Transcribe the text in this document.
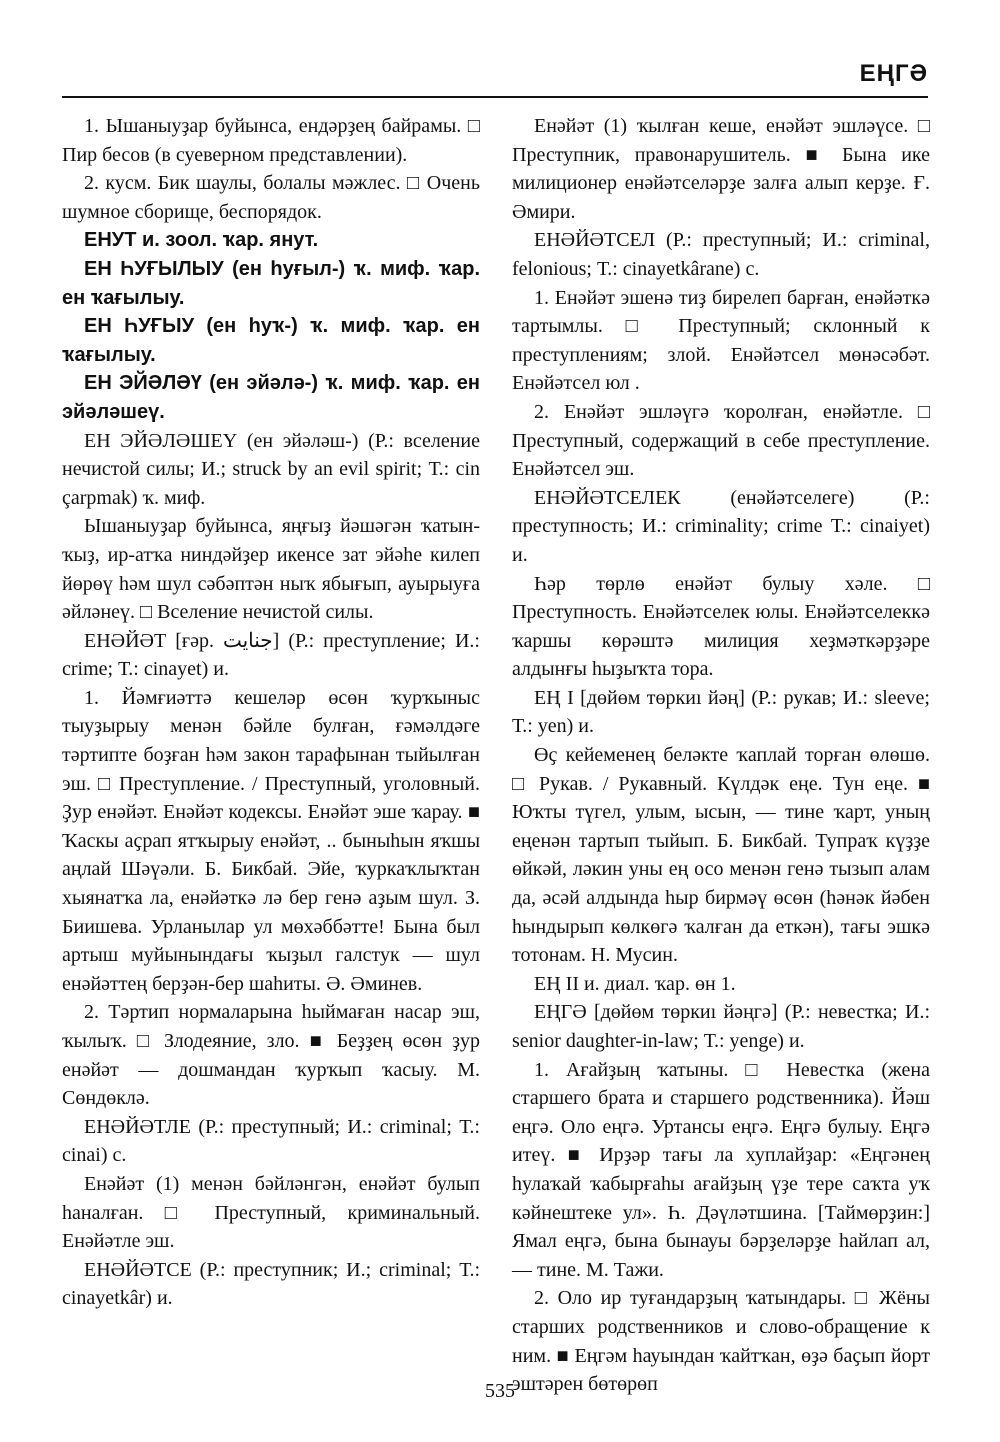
ЕҢГӘ

1. Ышаныуҙар буйынса, ендәрҙең байрамы. □ Пир бесов (в суеверном представлении).

2. кусм. Бик шаулы, болалы мәжлес. □ Очень шумное сборище, беспорядок.

ЕНУТ и. зоол. ҡар. янут.

ЕН ҺУҒЫЛЫУ (ен һуғыл-) ҡ. миф. ҡар. ен ҡағылыу.

ЕН ҺУҒЫУ (ен һуҡ-) ҡ. миф. ҡар. ен ҡағылыу.

ЕН ЭЙӘЛӘҮ (ен эйәлә-) ҡ. миф. ҡар. ен эйәләшеү.

ЕН ЭЙӘЛӘШЕҮ (ен эйәләш-) (Р.: вселение нечистой силы; И.; struck by an evil spirit; Т.: cin çarpmak) ҡ. миф.

Ышаныуҙар буйынса, яңғыҙ йәшәгән ҡатын-ҡыҙ, ир-атҡа ниндәйҙер икенсе зат эйәһе килеп йөрөү һәм шул сәбәптән ныҡ ябығып, ауырыуға әйләнеү. □ Вселение нечистой силы.

ЕНӘЙӘТ [ғәр. جنايت] (Р.: преступление; И.: crime; Т.: cinayet) и.

1. Йәмғиәттә кешеләр өсөн ҡурҡыныс тыуҙырыу менән бәйле булған, ғәмәлдәге тәртипте боҙған һәм закон тарафынан тыйылған эш. □ Преступление. / Преступный, уголовный. Ҙур енәйәт. Енәйәт кодексы. Енәйәт эше ҡарау. ■ Ҡаскы аҫрап ятҡырыу енәйәт, .. быныһын яҡшы аңлай Шәүәли. Б. Бикбай. Эйе, ҡуркаҡлыҡтан хыянатҡа ла, енәйәткә лә бер генә аҙым шул. З. Биишева. Урланылар ул мөхәббәтте! Бына был артыш муйынындағы ҡыҙыл галстук — шул енәйәттең берҙән-бер шаһиты. Ә. Әминев.

2. Тәртип нормаларына һыймаған насар эш, ҡылыҡ. □ Злодеяние, зло. ■ Беҙҙең өсөн ҙур енәйәт — дошмандан ҡурҡып ҡасыу. М. Сөндөклә.

ЕНӘЙӘТЛЕ (Р.: преступный; И.: criminal; Т.: cinai) с.

Енәйәт (1) менән бәйләнгән, енәйәт булып һаналған. □ Преступный, криминальный. Енәйәтле эш.

ЕНӘЙӘТСЕ (Р.: преступник; И.; criminal; Т.: cinayetkâr) и.

Енәйәт (1) ҡылған кеше, енәйәт эшләүсе. □ Преступник, правонарушитель. ■ Бына ике милиционер енәйәтселәрҙе залға алып керҙе. Ғ. Әмири.

ЕНӘЙӘТСЕЛ (Р.: преступный; И.: criminal, felonious; Т.: cinayetkârane) с.

1. Енәйәт эшенә тиҙ бирелеп барған, енәйәткә тартымлы. □ Преступный; склонный к преступлениям; злой. Енәйәтсел мөнәсәбәт. Енәйәтсел юл .

2. Енәйәт эшләүгә ҡоролған, енәйәтле. □ Преступный, содержащий в себе преступление. Енәйәтсел эш.

ЕНӘЙӘТСЕЛЕК (енәйәтселеге) (Р.: преступность; И.: criminality; crime Т.: cinaiyet) и.

Һәр төрлө енәйәт булыу хәле. □ Преступность. Енәйәтселек юлы. Енәйәтселеккә ҡаршы көрәштә милиция хеҙмәткәрҙәре алдынғы һыҙыҡта тора.

ЕҢ I [дөйөм төркиı йәң] (Р.: рукав; И.: sleeve; Т.: yen) и.

Өҫ кейеменең беләкте ҡаплай торған өлөшө. □ Рукав. / Рукавный. Күлдәк еңе. Тун еңе. ■ Юҡты түгел, улым, ысын, — тине ҡарт, уның еңенән тартып тыйып. Б. Бикбай. Тупраҡ күҙҙе өйкәй, ләкин уны ең осо менән генә тызып алам да, әсәй алдында һыр бирмәү өсөн (һәнәк йәбен һындырып көлкөгә ҡалған да еткән), тағы эшкә тотонам. Н. Мусин.

ЕҢ II и. диал. ҡар. өн 1.

ЕҢГӘ [дөйөм төркиı йәңгә] (Р.: невестка; И.: senior daughter-in-law; Т.: yenge) и.

1. Ағайҙың ҡатыны. □ Невестка (жена старшего брата и старшего родственника). Йәш еңгә. Оло еңгә. Уртансы еңгә. Еңгә булыу. Еңгә итеү. ■ Ирҙәр тағы ла хуплайҙар: «Еңгәнең һулаҡай ҡабырғаһы ағайҙың үҙе тере саҡта уҡ кәйнештеке ул». Һ. Дәүләтшина. [Таймөрҙин:] Ямал еңгә, бына бынауы бәрҙеләрҙе һайлап ал, — тине. М. Тажи.

2. Оло ир туғандарҙың ҡатындары. □ Жёны старших родственников и слово-обращение к ним. ■ Еңгәм һауындан ҡайтҡан, өҙә баҫып йорт эштәрен бөтөрөп

535
